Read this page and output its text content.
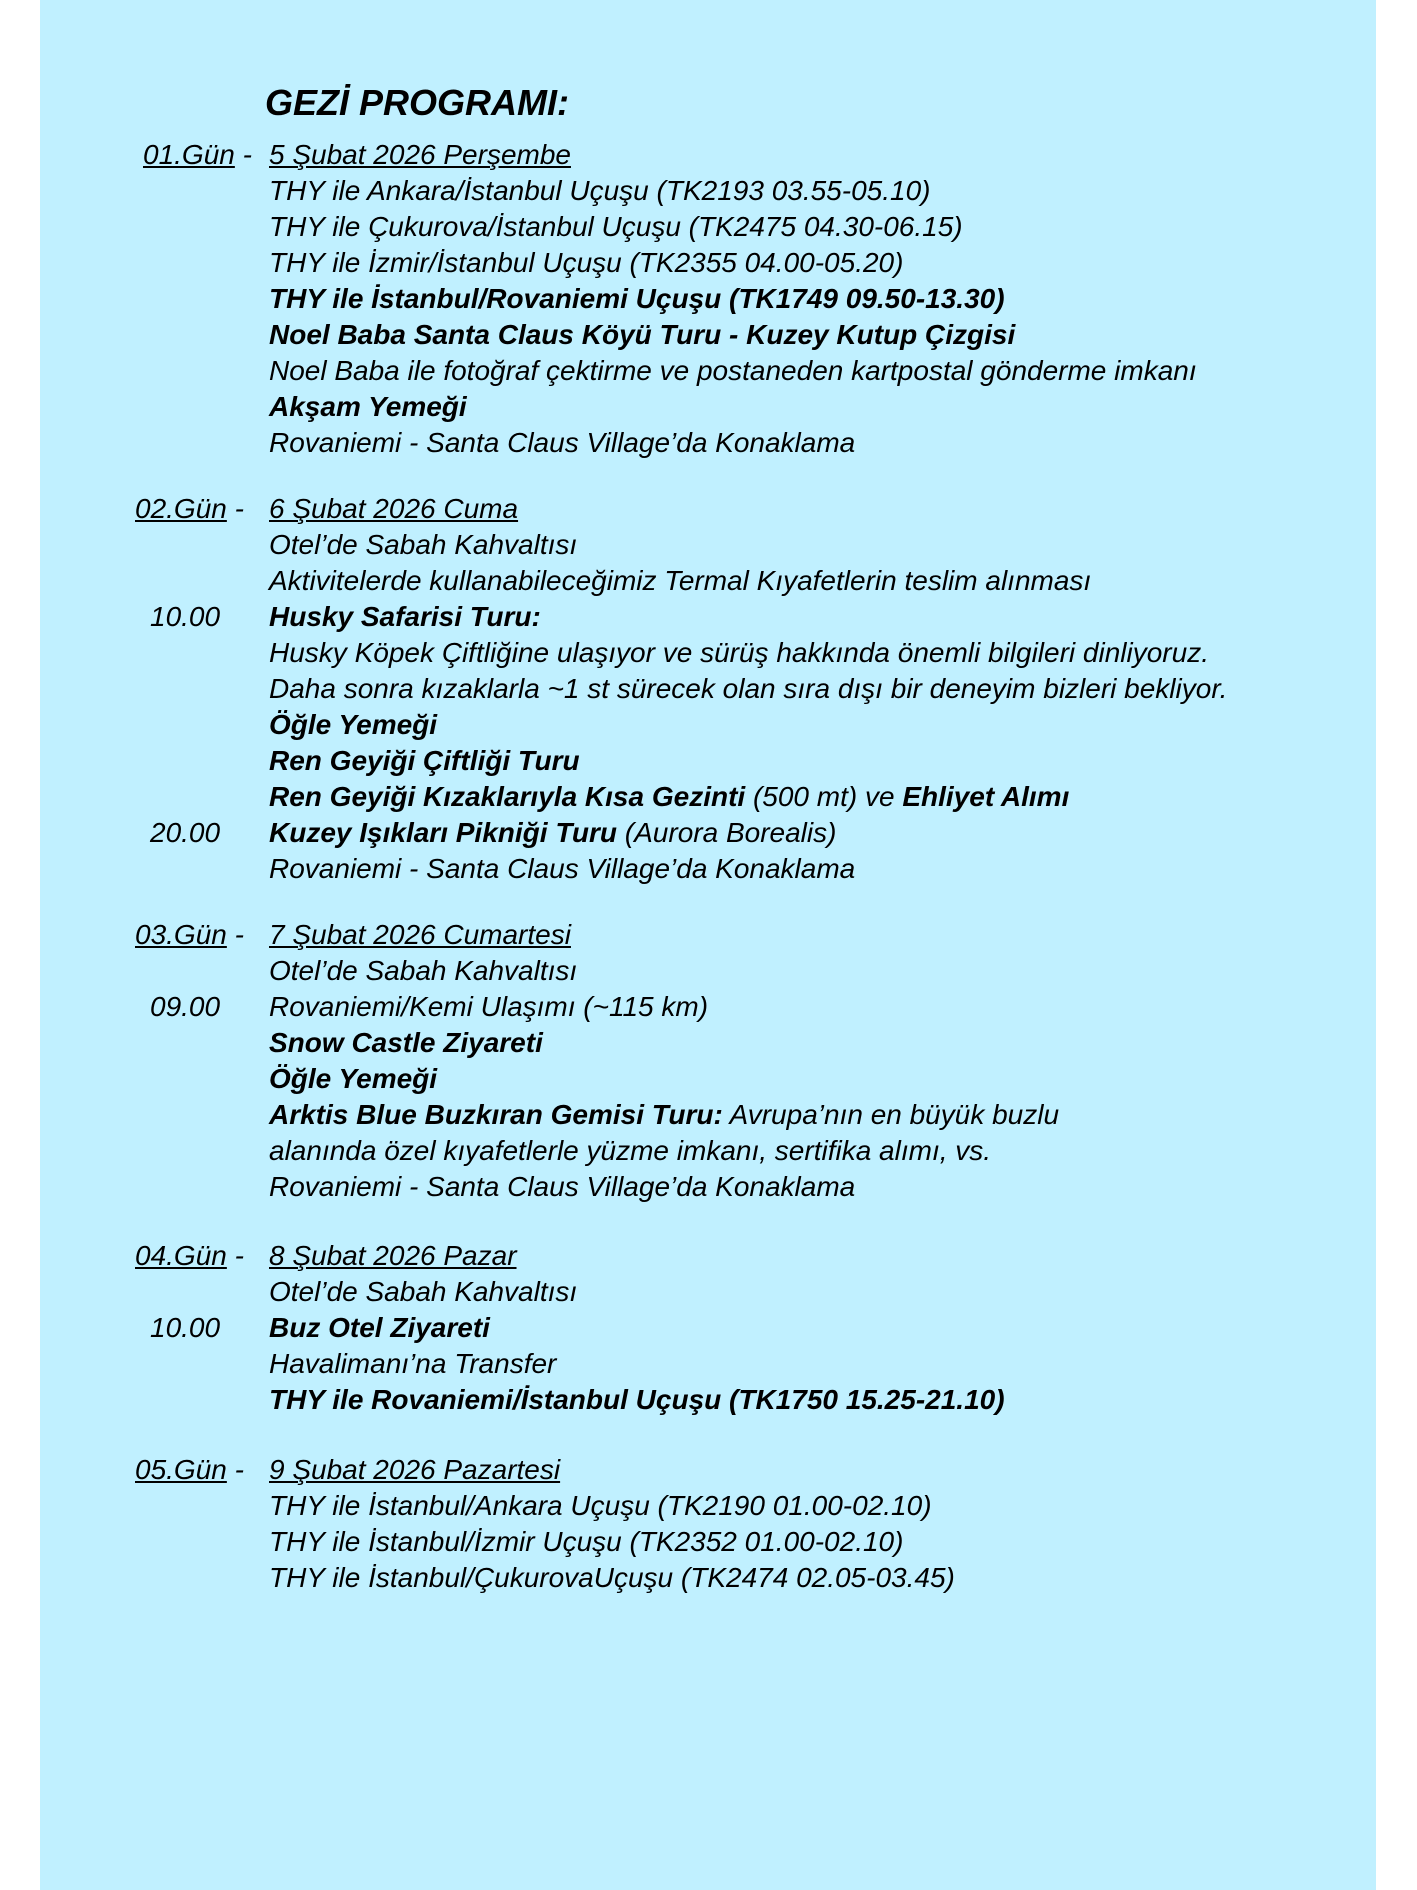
GEZİ PROGRAMI:
01.Gün - 5 Şubat 2026 Perşembe
THY ile Ankara/İstanbul Uçuşu (TK2193 03.55-05.10)
THY ile Çukurova/İstanbul Uçuşu (TK2475 04.30-06.15)
THY ile İzmir/İstanbul Uçuşu (TK2355 04.00-05.20)
THY ile İstanbul/Rovaniemi Uçuşu (TK1749 09.50-13.30)
Noel Baba Santa Claus Köyü Turu - Kuzey Kutup Çizgisi
Noel Baba ile fotoğraf çektirme ve postaneden kartpostal gönderme imkanı
Akşam Yemeği
Rovaniemi - Santa Claus Village’da Konaklama
02.Gün - 6 Şubat 2026 Cuma
Otel’de Sabah Kahvaltısı
Aktivitelerde kullanabileceğimiz Termal Kıyafetlerin teslim alınması
10.00 Husky Safarisi Turu:
Husky Köpek Çiftliğine ulaşıyor ve sürüş hakkında önemli bilgileri dinliyoruz.
Daha sonra kızaklarla ~1 st sürecek olan sıra dışı bir deneyim bizleri bekliyor.
Öğle Yemeği
Ren Geyiği Çiftliği Turu
Ren Geyiği Kızaklarıyla Kısa Gezinti (500 mt) ve Ehliyet Alımı
20.00 Kuzey Işıkları Pikniği Turu (Aurora Borealis)
Rovaniemi - Santa Claus Village’da Konaklama
03.Gün - 7 Şubat 2026 Cumartesi
Otel’de Sabah Kahvaltısı
09.00 Rovaniemi/Kemi Ulaşımı (~115 km)
Snow Castle Ziyareti
Öğle Yemeği
Arktis Blue Buzkıran Gemisi Turu: Avrupa’nın en büyük buzlu
alanında özel kıyafetlerle yüzme imkanı, sertifika alımı, vs.
Rovaniemi - Santa Claus Village’da Konaklama
04.Gün - 8 Şubat 2026 Pazar
Otel’de Sabah Kahvaltısı
10.00 Buz Otel Ziyareti
Havalimanı’na Transfer
THY ile Rovaniemi/İstanbul Uçuşu (TK1750 15.25-21.10)
05.Gün - 9 Şubat 2026 Pazartesi
THY ile İstanbul/Ankara Uçuşu (TK2190 01.00-02.10)
THY ile İstanbul/İzmir Uçuşu (TK2352 01.00-02.10)
THY ile İstanbul/ÇukurovaUçuşu (TK2474 02.05-03.45)
